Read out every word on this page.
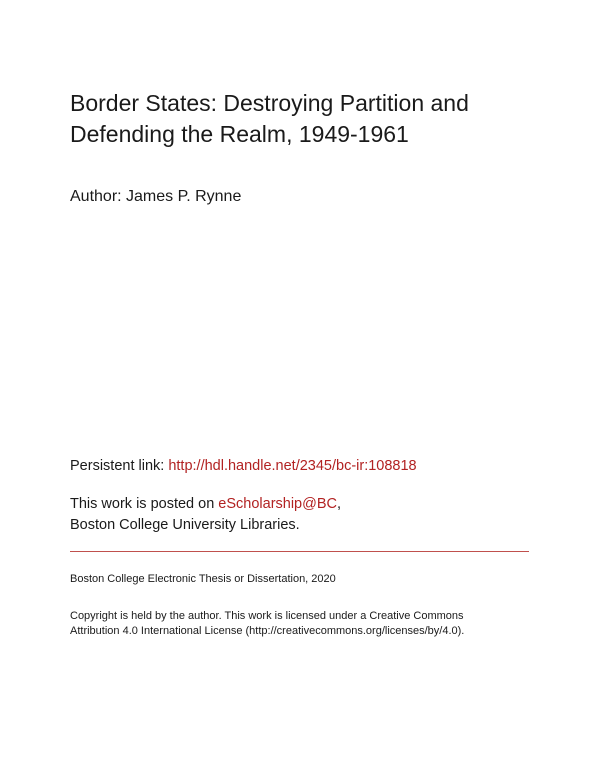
Border States: Destroying Partition and
Defending the Realm, 1949-1961
Author: James P. Rynne
Persistent link: http://hdl.handle.net/2345/bc-ir:108818
This work is posted on eScholarship@BC,
Boston College University Libraries.
Boston College Electronic Thesis or Dissertation, 2020
Copyright is held by the author. This work is licensed under a Creative Commons
Attribution 4.0 International License (http://creativecommons.org/licenses/by/4.0).
